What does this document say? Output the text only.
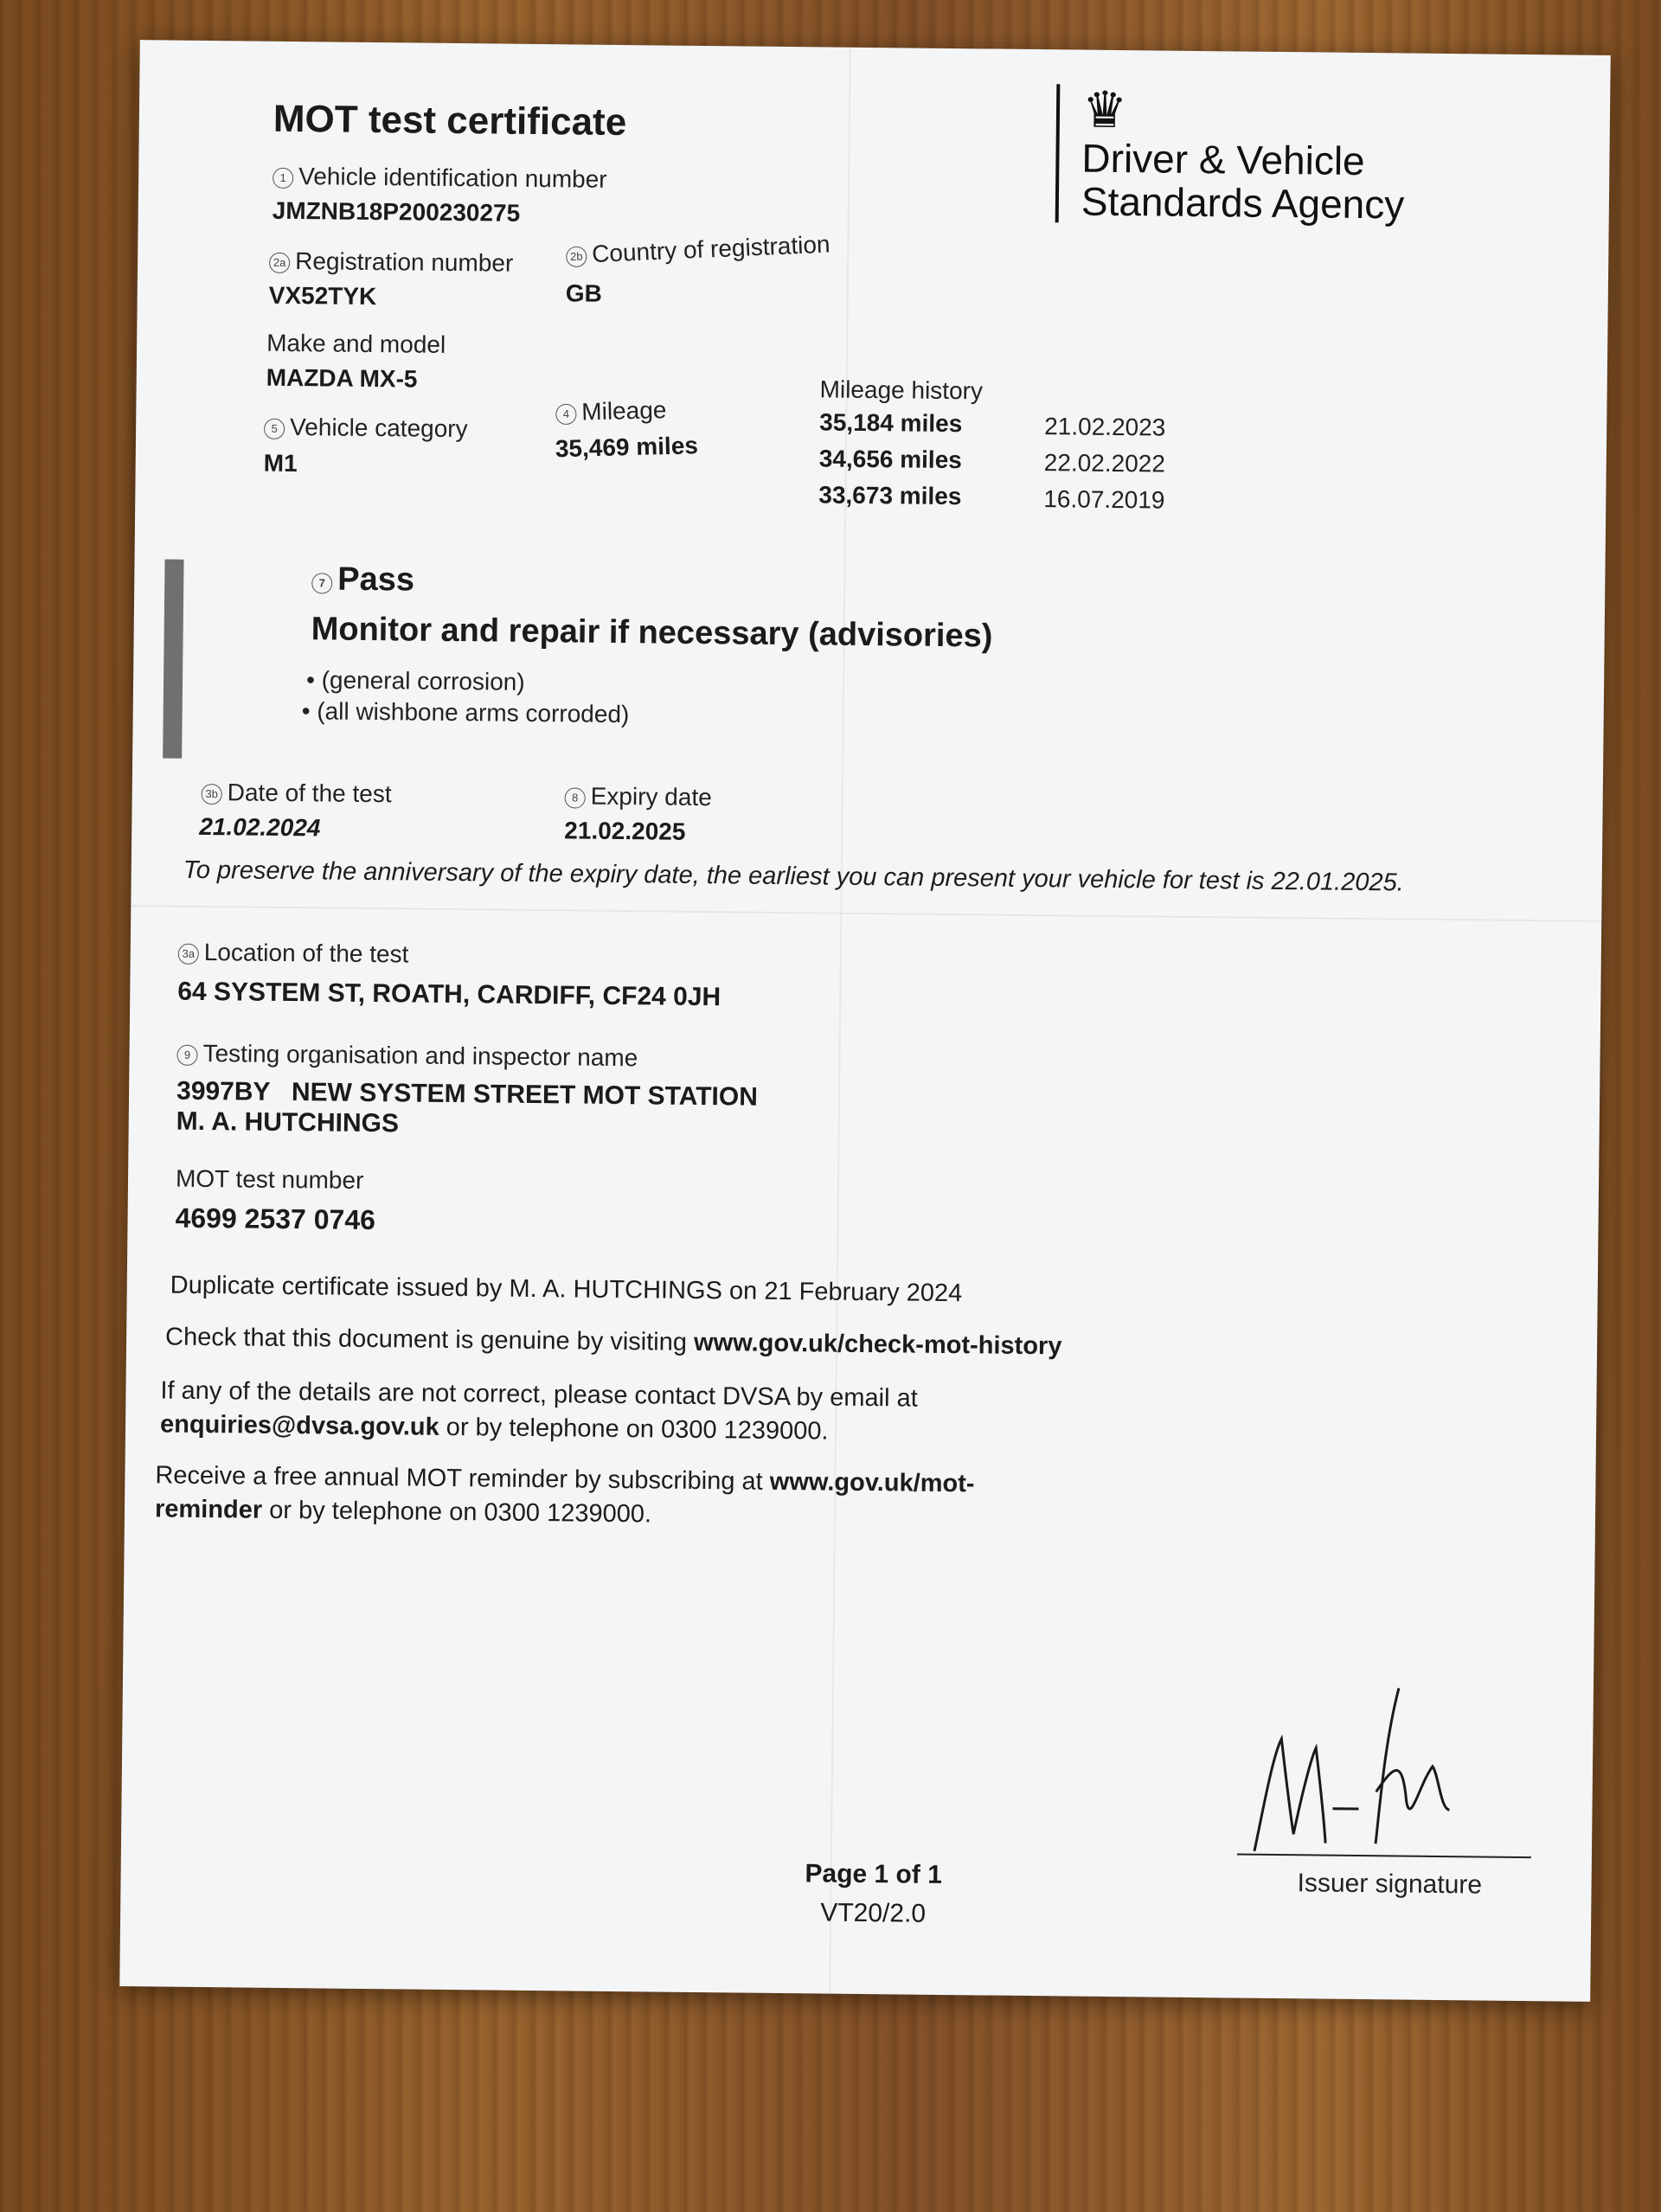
MOT test certificate
1 Vehicle identification number
JMZNB18P200230275
2a Registration number
VX52TYK
2b Country of registration
GB
Make and model
MAZDA MX-5
5 Vehicle category
M1
4 Mileage
35,469 miles
Mileage history
35,184 miles	21.02.2023
34,656 miles	22.02.2022
33,673 miles	16.07.2019
♛
Driver & Vehicle Standards Agency
7 Pass
Monitor and repair if necessary (advisories)
• (general corrosion)
• (all wishbone arms corroded)
3b Date of the test
21.02.2024
8 Expiry date
21.02.2025
To preserve the anniversary of the expiry date, the earliest you can present your vehicle for test is 22.01.2025.
3a Location of the test
64 SYSTEM ST, ROATH, CARDIFF, CF24 0JH
9 Testing organisation and inspector name
3997BY   NEW SYSTEM STREET MOT STATION
M. A. HUTCHINGS
MOT test number
4699 2537 0746
Duplicate certificate issued by M. A. HUTCHINGS on 21 February 2024
Check that this document is genuine by visiting www.gov.uk/check-mot-history
If any of the details are not correct, please contact DVSA by email at enquiries@dvsa.gov.uk or by telephone on 0300 1239000.
Receive a free annual MOT reminder by subscribing at www.gov.uk/mot-reminder or by telephone on 0300 1239000.
Issuer signature
Page 1 of 1
VT20/2.0
